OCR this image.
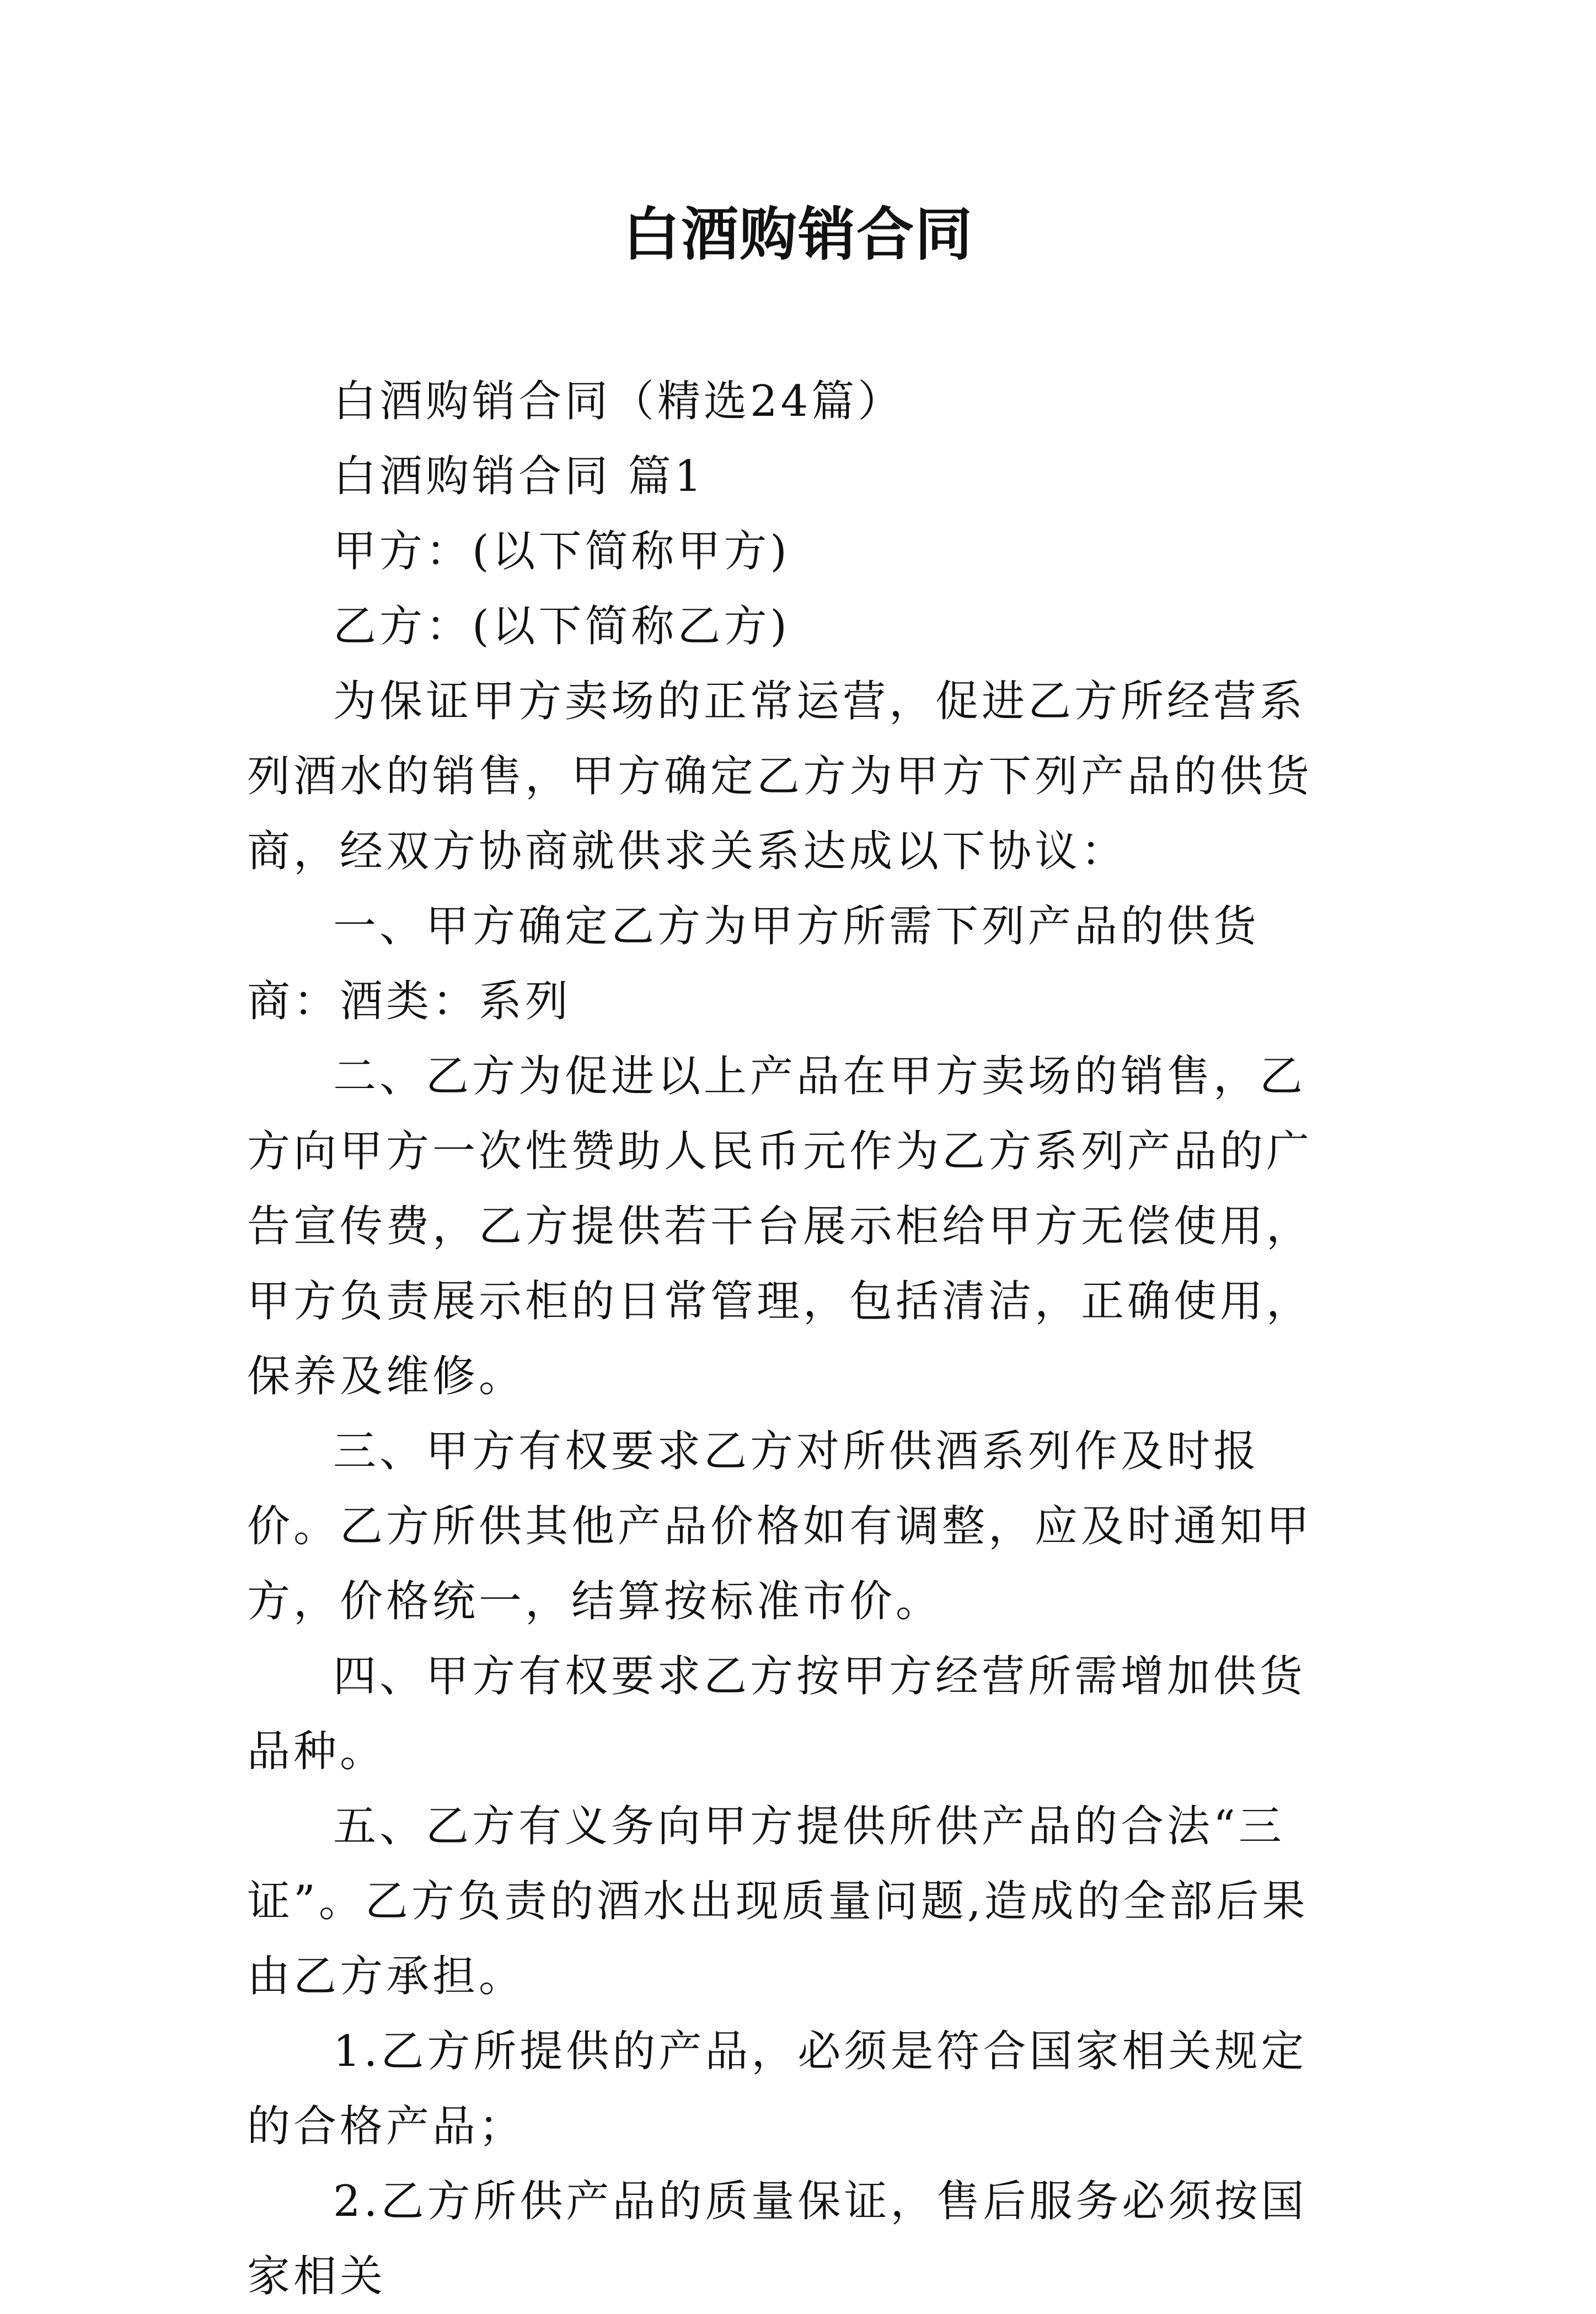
白酒购销合同

白酒购销合同（精选24篇）

白酒购销合同 篇1

甲方：(以下简称甲方)

乙方：(以下简称乙方)

为保证甲方卖场的正常运营，促进乙方所经营系列酒水的销售，甲方确定乙方为甲方下列产品的供货商，经双方协商就供求关系达成以下协议：

一、甲方确定乙方为甲方所需下列产品的供货商：酒类：系列

二、乙方为促进以上产品在甲方卖场的销售，乙方向甲方一次性赞助人民币元作为乙方系列产品的广告宣传费，乙方提供若干台展示柜给甲方无偿使用，甲方负责展示柜的日常管理，包括清洁，正确使用，保养及维修。

三、甲方有权要求乙方对所供酒系列作及时报价。乙方所供其他产品价格如有调整，应及时通知甲方，价格统一，结算按标准市价。

四、甲方有权要求乙方按甲方经营所需增加供货品种。

五、乙方有义务向甲方提供所供产品的合法“三证”。乙方负责的酒水出现质量问题,造成的全部后果由乙方承担。

1.乙方所提供的产品，必须是符合国家相关规定的合格产品；

2.乙方所供产品的质量保证，售后服务必须按国家相关
